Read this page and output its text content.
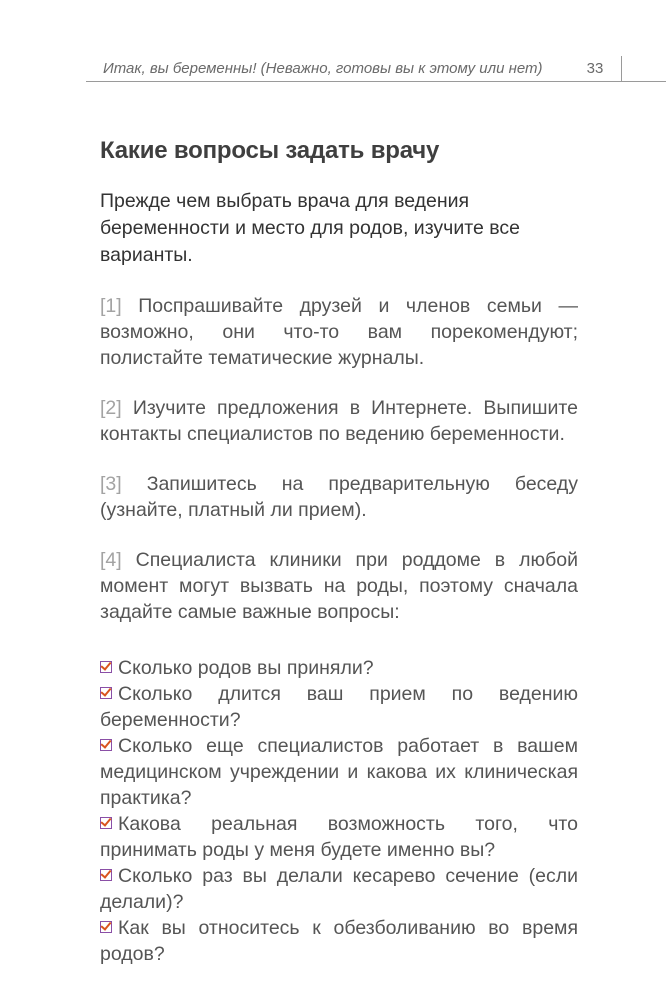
Итак, вы беременны! (Неважно, готовы вы к этому или нет)	33
Какие вопросы задать врачу

Прежде чем выбрать врача для ведения беременности и место для родов, изучите все варианты.

[1] Поспрашивайте друзей и членов семьи — возможно, они что-то вам порекомендуют; полистайте тематические журналы.

[2] Изучите предложения в Интернете. Выпишите контакты специалистов по ведению беременности.

[3] Запишитесь на предварительную беседу (узнайте, платный ли прием).

[4] Специалиста клиники при роддоме в любой момент могут вызвать на роды, поэтому сначала задайте самые важные вопросы:

Сколько родов вы приняли?
Сколько длится ваш прием по ведению беременности?
Сколько еще специалистов работает в вашем медицинском учреждении и какова их клиническая практика?
Какова реальная возможность того, что принимать роды у меня будете именно вы?
Сколько раз вы делали кесарево сечение (если делали)?
Как вы относитесь к обезболиванию во время родов?
